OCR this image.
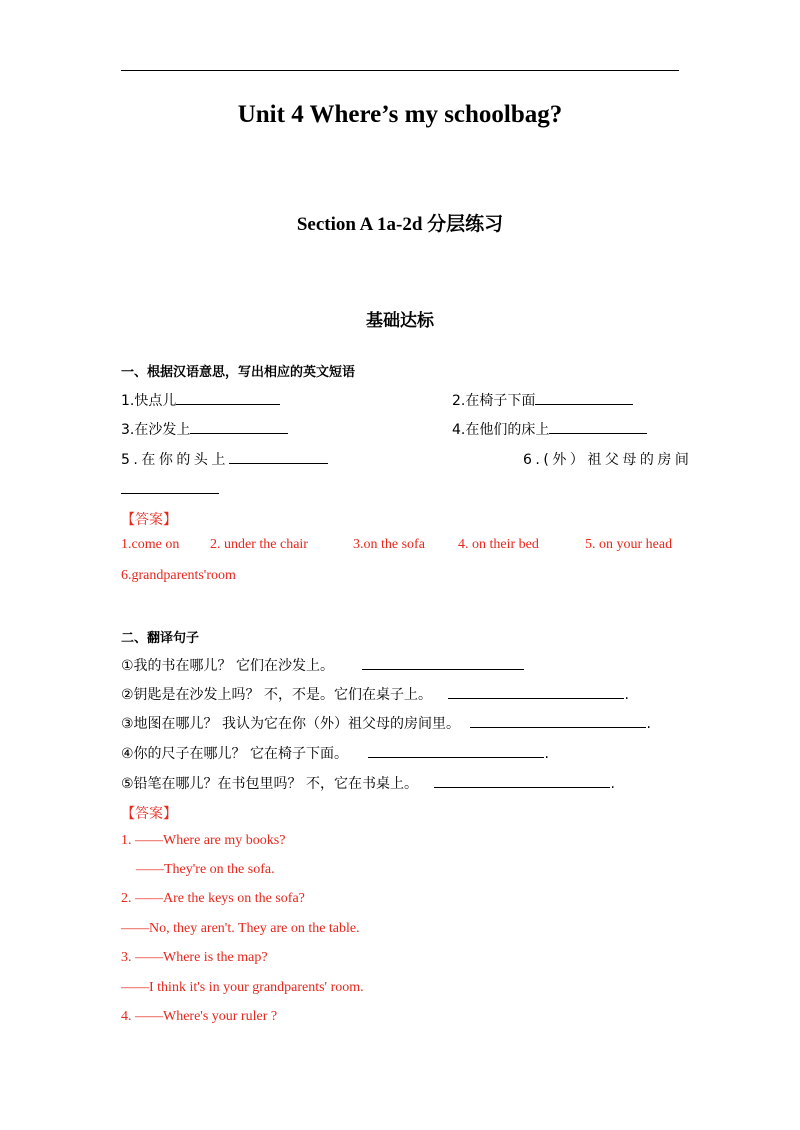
Unit 4 Where’s my schoolbag?
Section A 1a-2d 分层练习
基础达标
一、根据汉语意思，写出相应的英文短语
1.快点儿	2.在椅子下面
3.在沙发上	4.在他们的床上
5.在你的头上	6.(外）祖父母的房间
【答案】
1.come on 2. under the chair	3.on the sofa 4. on their bed	5. on your head
6.grandparents'room
二、翻译句子
①我的书在哪儿？ 它们在沙发上。
②钥匙是在沙发上吗？ 不，不是。它们在桌子上。	.
③地图在哪儿？ 我认为它在你（外）祖父母的房间里。	.
④你的尺子在哪儿？ 它在椅子下面。	.
⑤铅笔在哪儿？在书包里吗？ 不，它在书桌上。	.
【答案】
1. ——Where are my books?
——They're on the sofa.
2. ——Are the keys on the sofa?
——No, they aren't. They are on the table.
3. ——Where is the map?
——I think it's in your grandparents' room.
4. ——Where's your ruler ?
